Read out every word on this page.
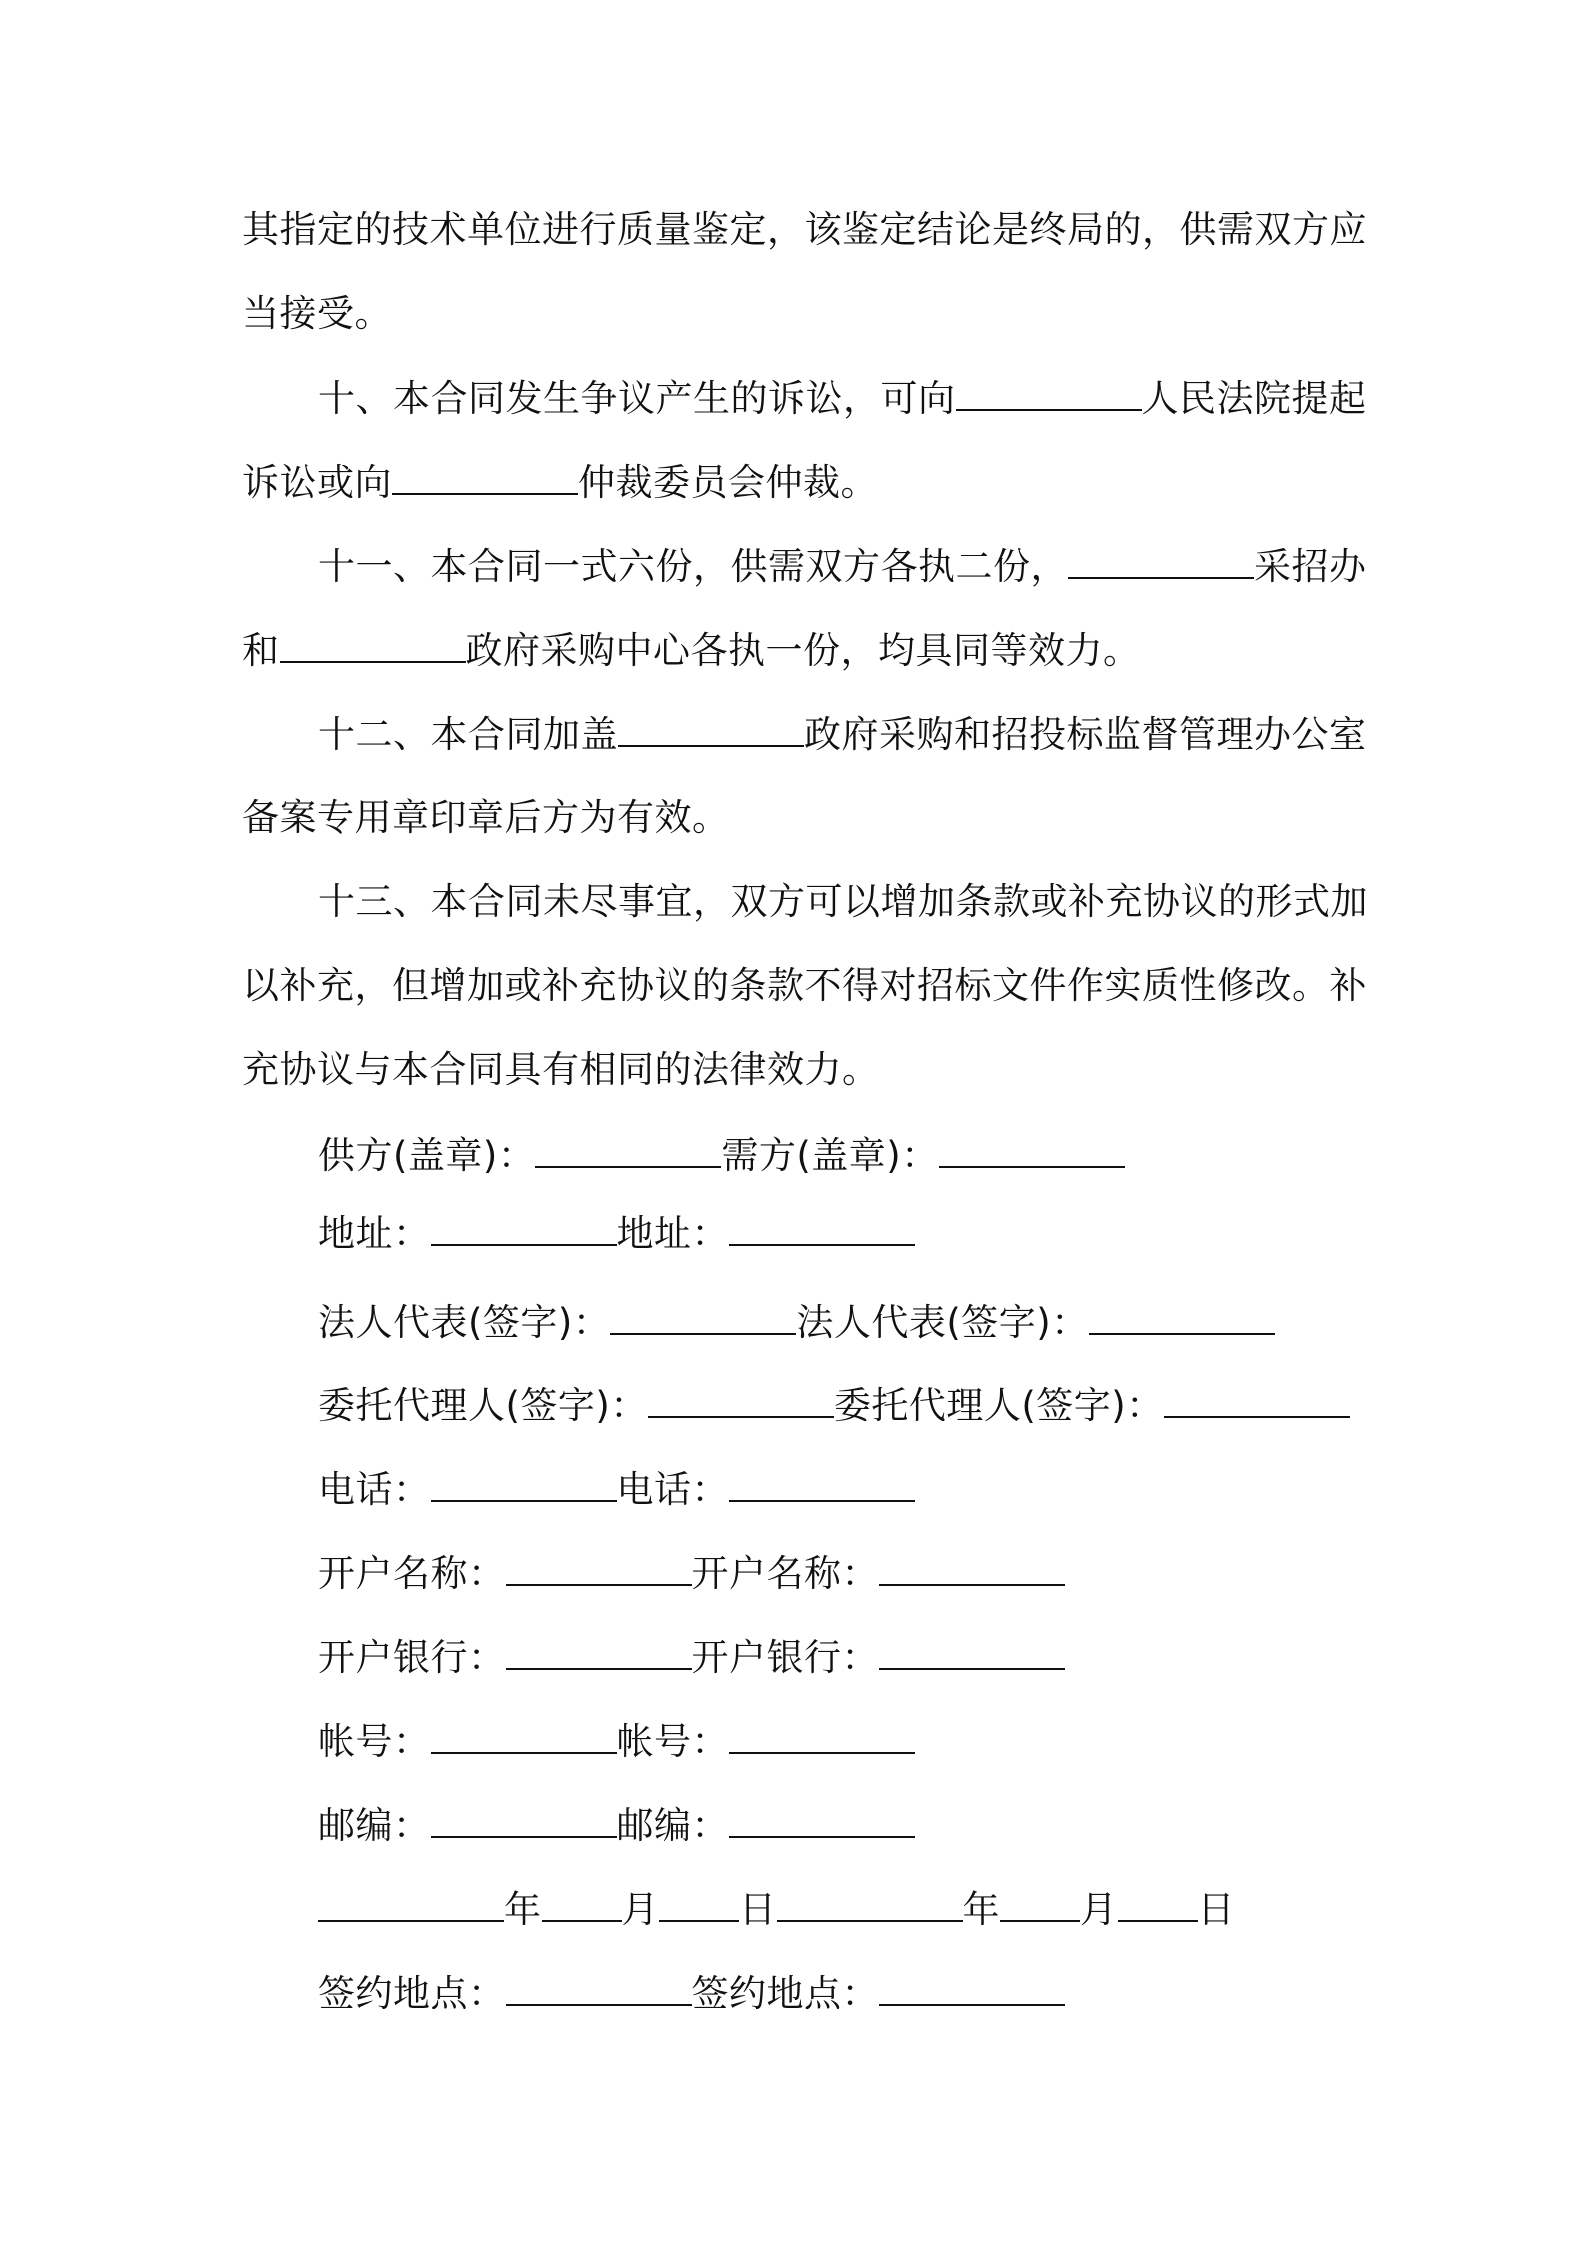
其指定的技术单位进行质量鉴定，该鉴定结论是终局的，供需双方应
当接受。
十、本合同发生争议产生的诉讼，可向	人民法院提起
诉讼或向	仲裁委员会仲裁。
十一、本合同一式六份，供需双方各执二份，	采招办
和	政府采购中心各执一份，均具同等效力。
十二、本合同加盖	政府采购和招投标监督管理办公室
备案专用章印章后方为有效。
十三、本合同未尽事宜，双方可以增加条款或补充协议的形式加
以补充，但增加或补充协议的条款不得对招标文件作实质性修改。补
充协议与本合同具有相同的法律效力。
供方(盖章)：	需方(盖章)：
地址：	地址：
法人代表(签字)：	法人代表(签字)：
委托代理人(签字)：	委托代理人(签字)：
电话：	电话：
开户名称：	开户名称：
开户银行：	开户银行：
帐号：	帐号：
邮编：	邮编：
年 月 日	年 月 日
签约地点：	签约地点：
